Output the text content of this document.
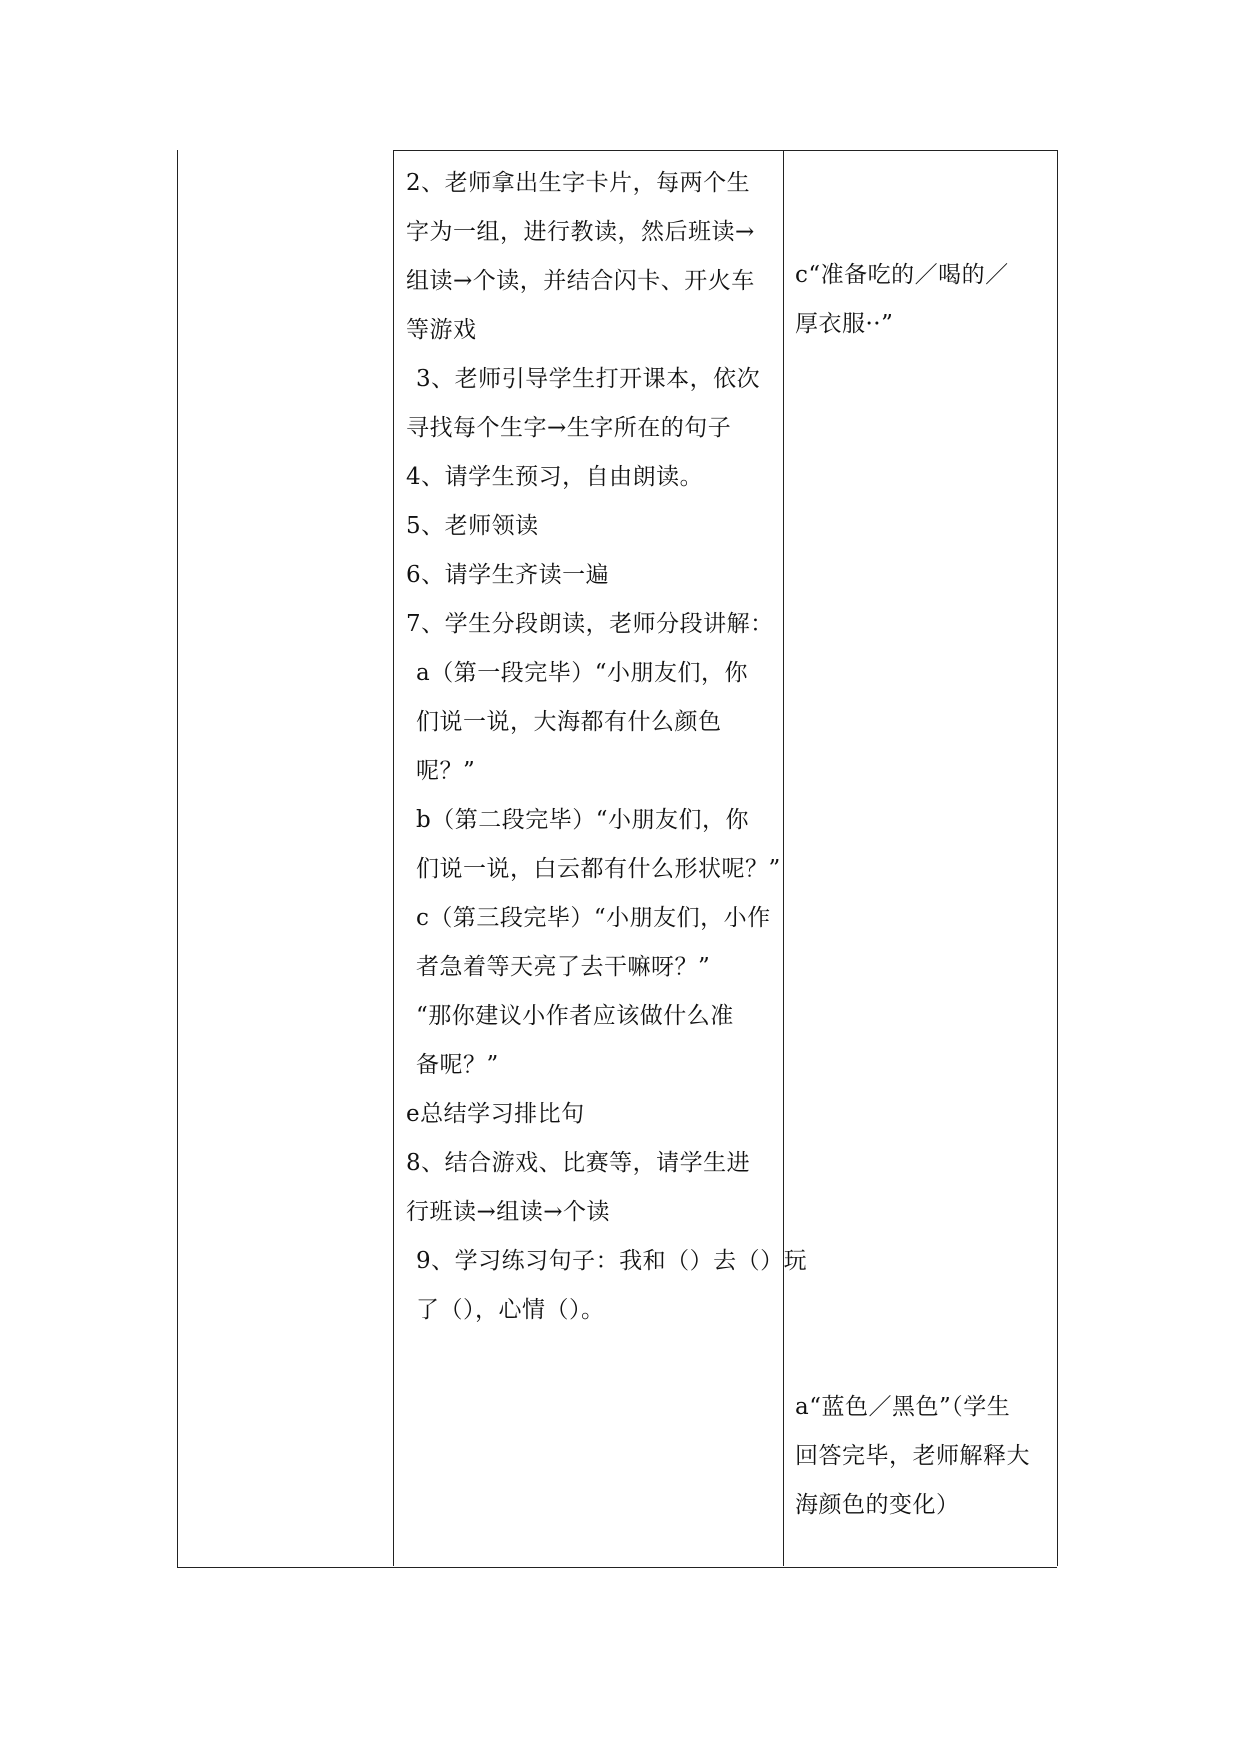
2、老师拿出生字卡片，每两个生
字为一组，进行教读，然后班读→
组读→个读，并结合闪卡、开火车
等游戏
3、老师引导学生打开课本，依次
寻找每个生字→生字所在的句子
4、请学生预习，自由朗读。
5、老师领读
6、请学生齐读一遍
7、学生分段朗读，老师分段讲解：
a（第一段完毕）“小朋友们，你
们说一说，大海都有什么颜色
呢？”
b（第二段完毕）“小朋友们，你
们说一说，白云都有什么形状呢？”
c（第三段完毕）“小朋友们，小作
者急着等天亮了去干嘛呀？”
“那你建议小作者应该做什么准
备呢？”
e总结学习排比句
8、结合游戏、比赛等，请学生进
行班读→组读→个读
9、学习练习句子：我和（）去（）玩
了（），心情（）。
c“准备吃的／喝的／
厚衣服··”
a“蓝色／黑色”（学生
回答完毕，老师解释大
海颜色的变化）
